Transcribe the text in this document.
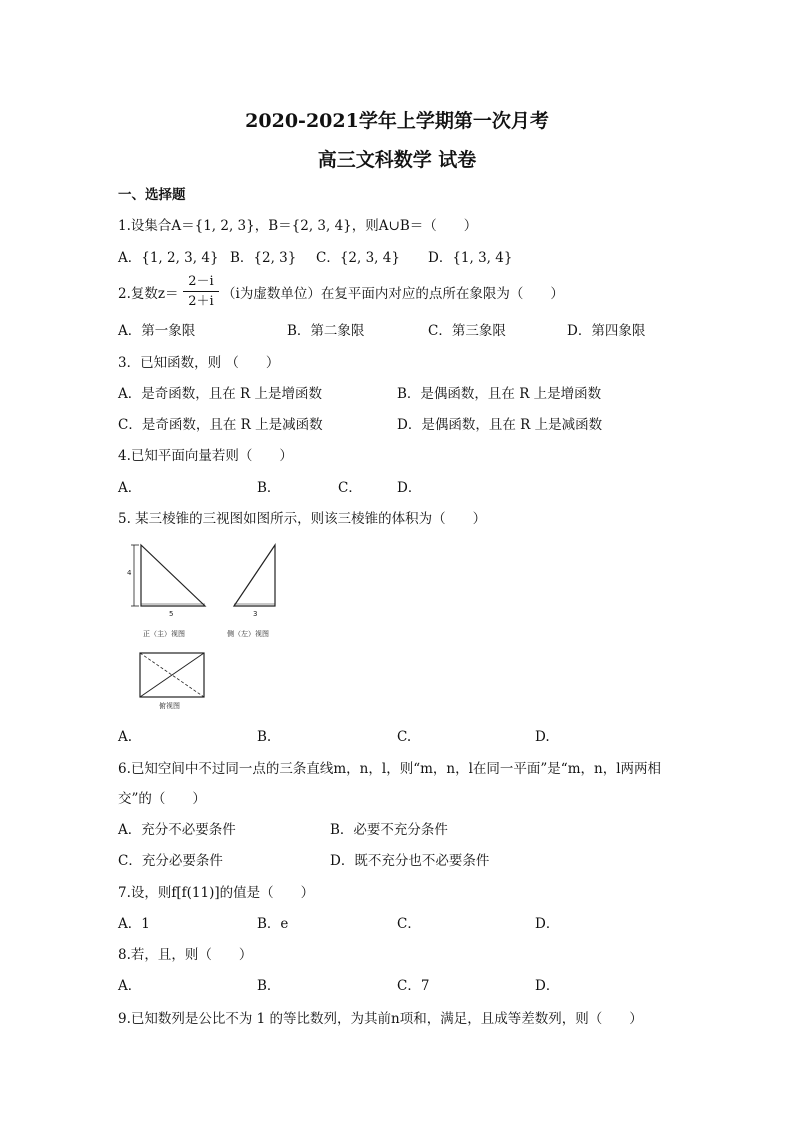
2020-2021学年上学期第一次月考
高三文科数学 试卷
一、选择题
1.设集合A＝{1, 2, 3}，B＝{2, 3, 4}，则A∪B＝（　　）
A．{1, 2, 3, 4} B．{2, 3} C．{2, 3, 4} D．{1, 3, 4}
2.复数z＝
2－i
2＋i （i为虚数单位）在复平面内对应的点所在象限为（　　）
A．第一象限	B．第二象限	C．第三象限	D．第四象限
3．已知函数，则 （　　）
A．是奇函数，且在 R 上是增函数	B．是偶函数，且在 R 上是增函数
C．是奇函数，且在 R 上是减函数	D．是偶函数，且在 R 上是减函数
4.已知平面向量若则（　　）
A．	B．	C．	D．
5. 某三棱锥的三视图如图所示，则该三棱锥的体积为（　　）
4
5
正（主）视图
3
侧（左）视图
俯视图
A.	B.	C.	D.
6.已知空间中不过同一点的三条直线m，n，l，则“m，n，l在同一平面”是“m，n，l两两相
交”的（　　）
A．充分不必要条件	B．必要不充分条件
C．充分必要条件	D．既不充分也不必要条件
7.设，则f[f(11)]的值是（　　）
A．1	B．e	C．	D．
8.若，且，则（　　）
A．	B．	C．7	D．
9.已知数列是公比不为 1 的等比数列，为其前n项和，满足，且成等差数列，则（　　）
